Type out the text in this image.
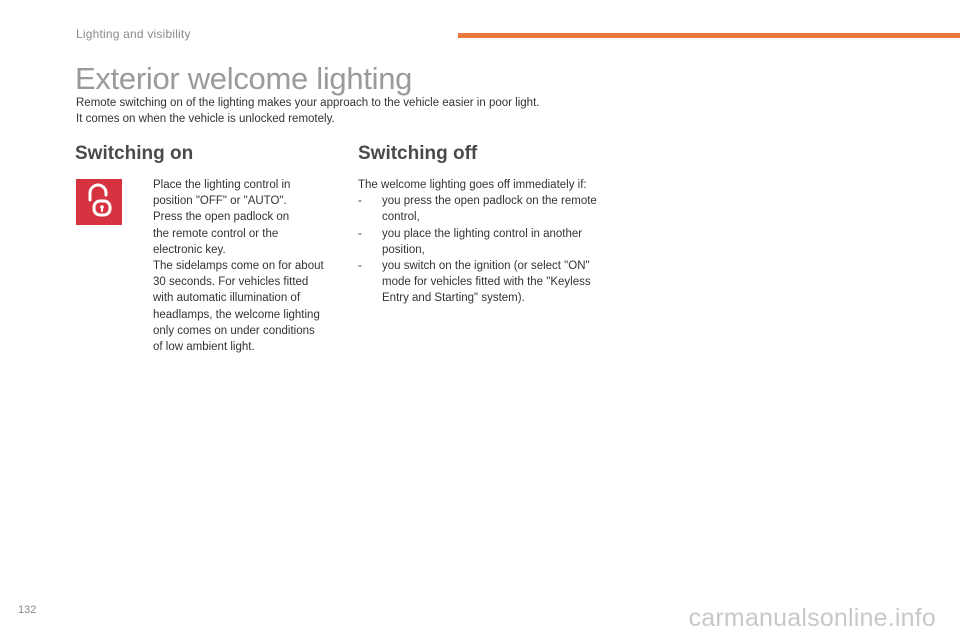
Lighting and visibility
Exterior welcome lighting

Remote switching on of the lighting makes your approach to the vehicle easier in poor light.

It comes on when the vehicle is unlocked remotely.

Switching on	Switching off
Place the lighting control in
position "OFF" or "AUTO".
Press the open padlock on
the remote control or the
electronic key.
The sidelamps come on for about
30 seconds. For vehicles fitted
with automatic illumination of
headlamps, the welcome lighting
only comes on under conditions
of low ambient light.

The welcome lighting goes off immediately if:

- you press the open padlock on the remote
control,
- you place the lighting control in another
position,
- you switch on the ignition (or select "ON"
mode for vehicles fitted with the "Keyless
Entry and Starting" system).
132	carmanualsonline.info
